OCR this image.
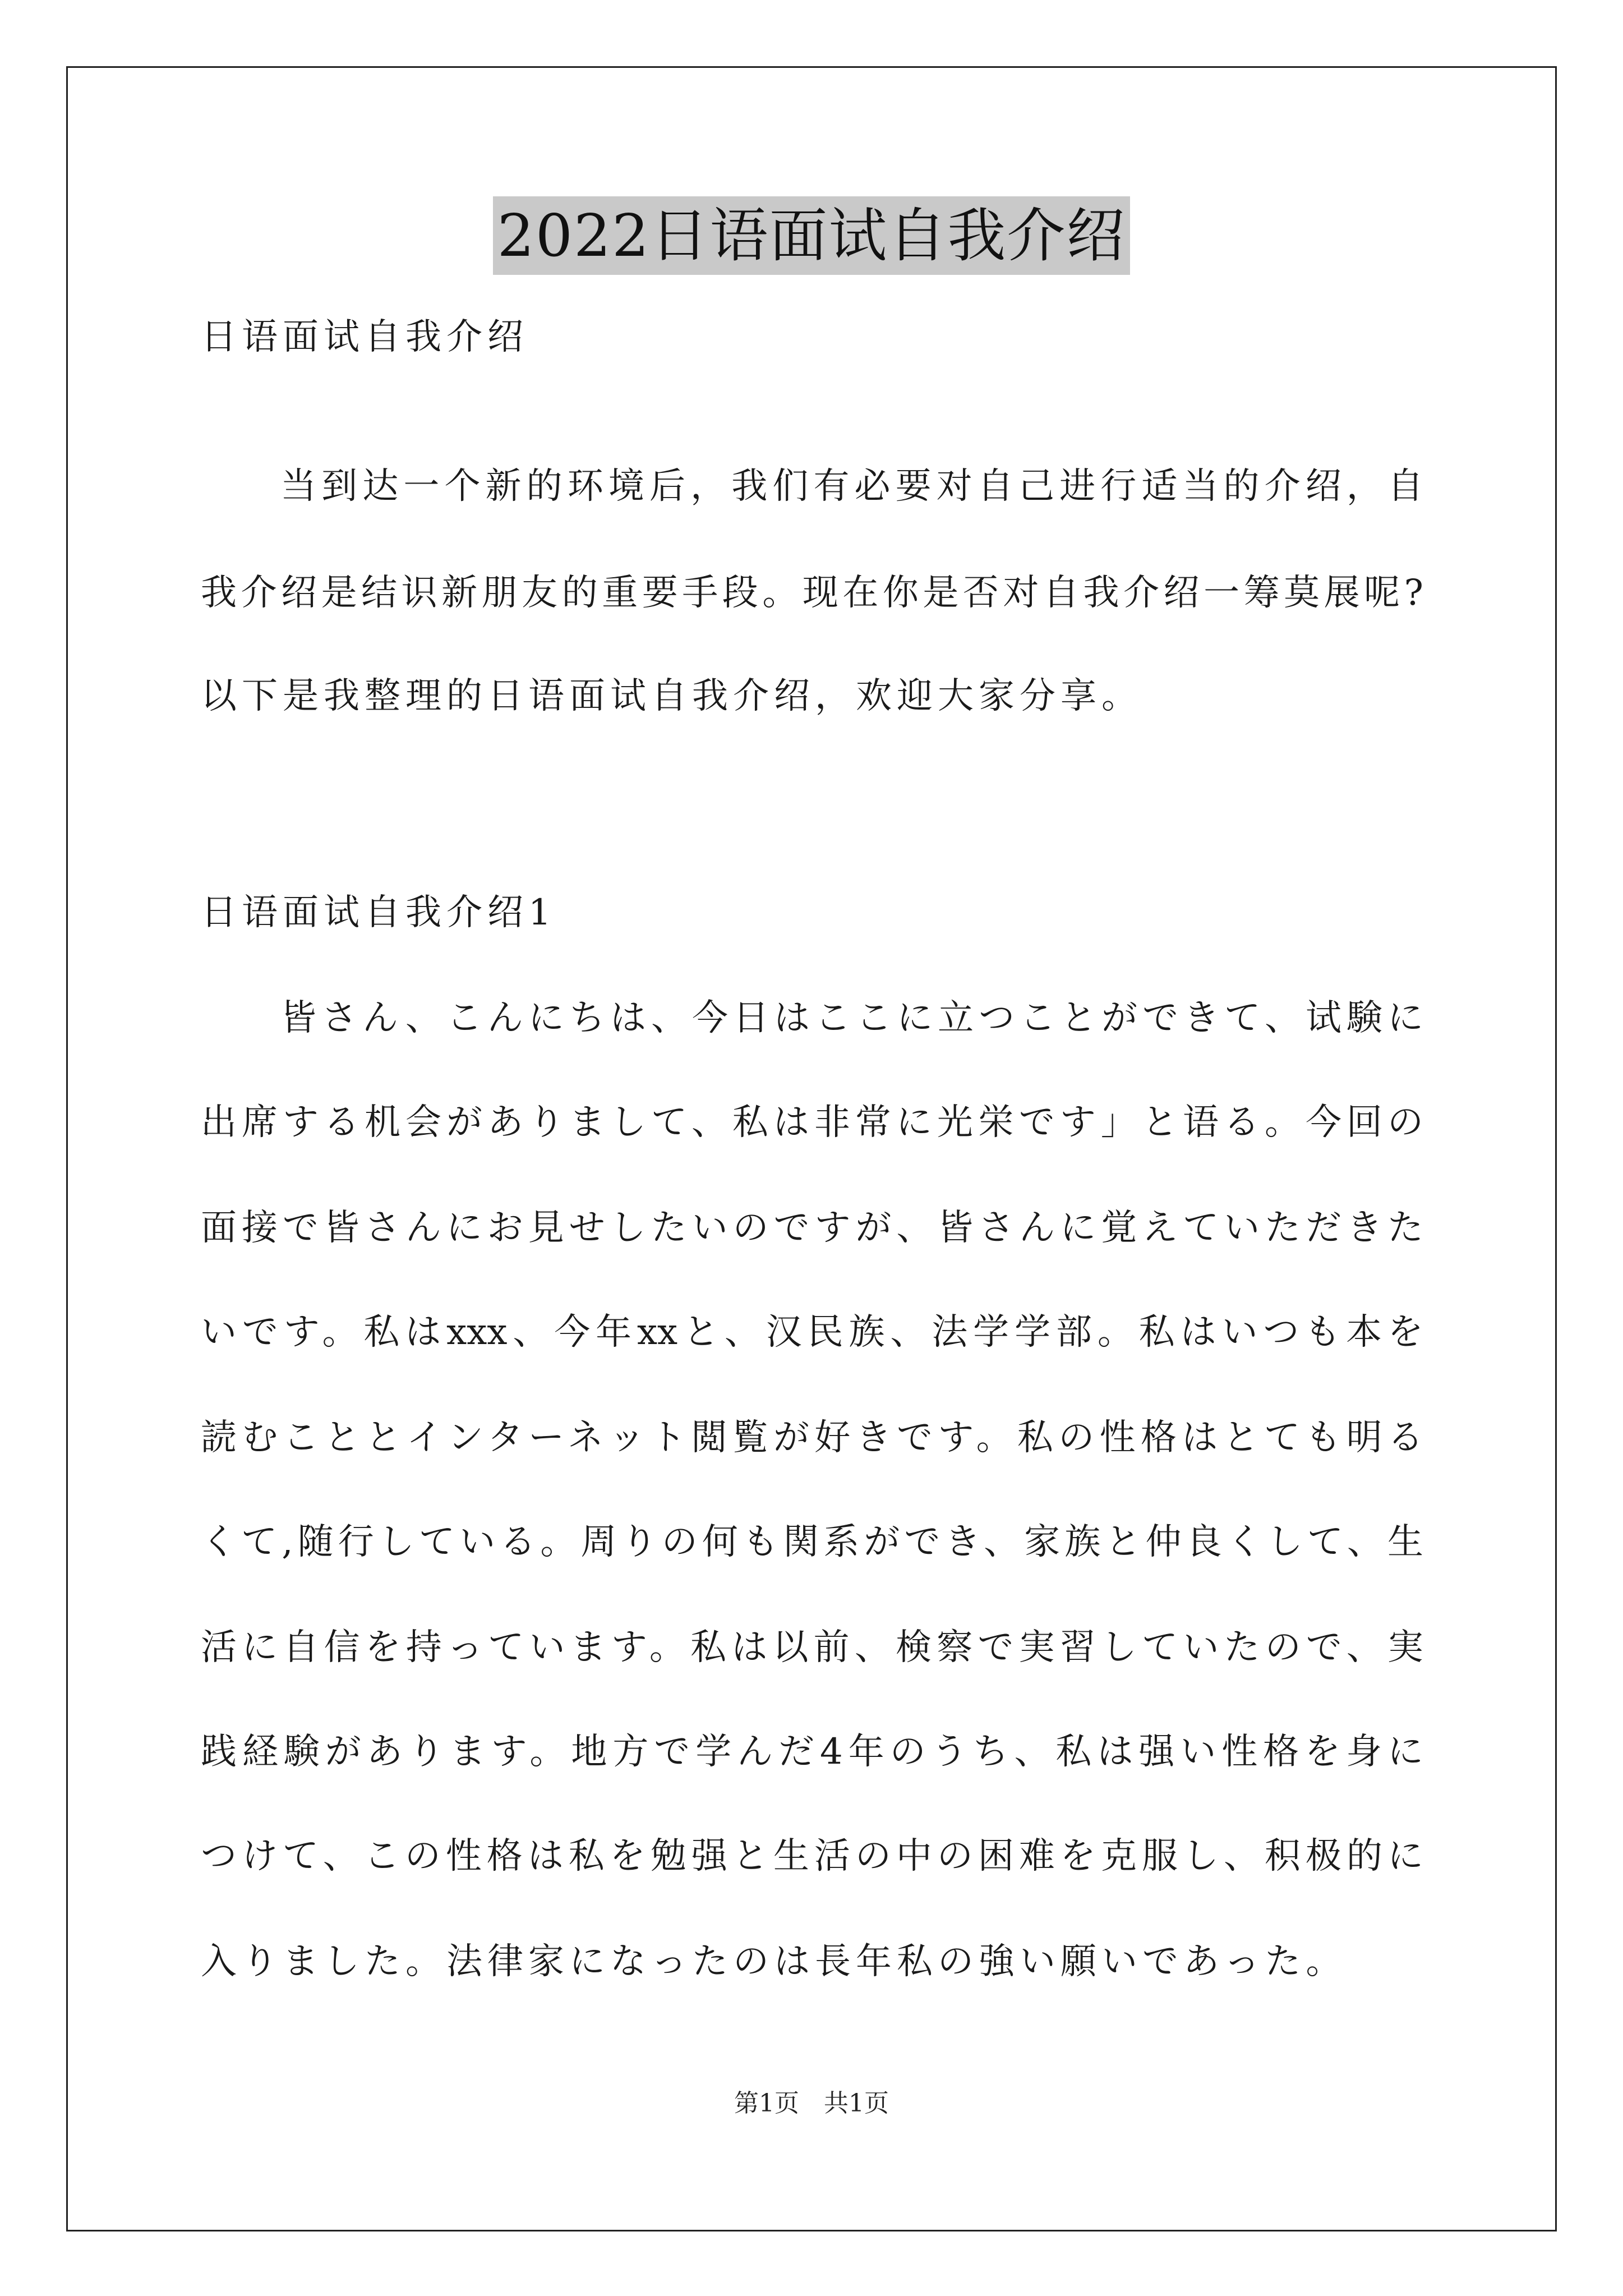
2022日语面试自我介绍
日语面试自我介绍
当到达一个新的环境后，我们有必要对自己进行适当的介绍，自
我介绍是结识新朋友的重要手段。现在你是否对自我介绍一筹莫展呢?
以下是我整理的日语面试自我介绍，欢迎大家分享。
日语面试自我介绍1
皆さん、こんにちは、今日はここに立つことができて、试験に
出席する机会がありまして、私は非常に光栄です」と语る。今回の
面接で皆さんにお見せしたいのですが、皆さんに覚えていただきた
いです。私はxxx、今年xxと、汉民族、法学学部。私はいつも本を
読むこととインターネット閲覧が好きです。私の性格はとても明る
くて,随行している。周りの何も関系ができ、家族と仲良くして、生
活に自信を持っています。私は以前、検察で実習していたので、実
践経験があります。地方で学んだ4年のうち、私は强い性格を身に
つけて、この性格は私を勉强と生活の中の困难を克服し、积极的に
入りました。法律家になったのは長年私の強い願いであった。
第1页　共1页
